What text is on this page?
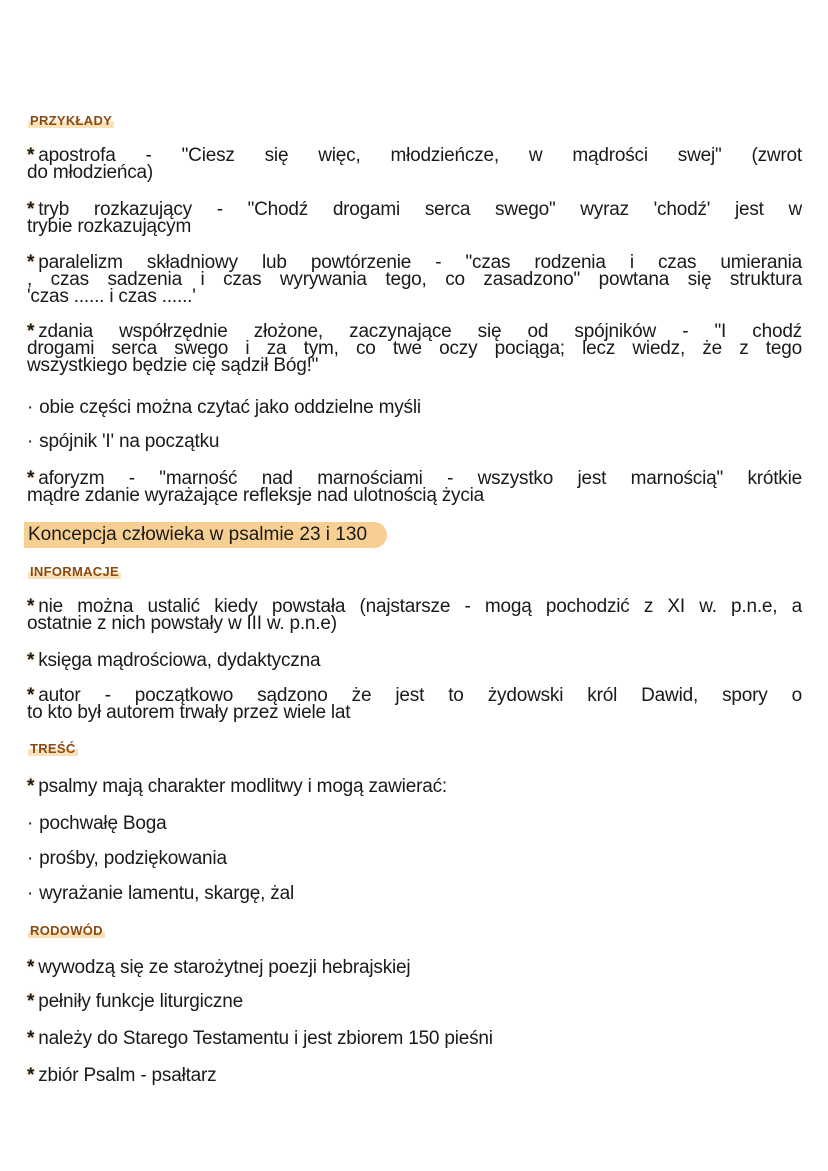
PRZYKŁADY
* apostrofa - "Ciesz się więc, młodzieńcze, w mądrości swej" (zwrot
do młodzieńca)
* tryb rozkazujący - "Chodź drogami serca swego" wyraz 'chodź' jest w
trybie rozkazującym
* paralelizm składniowy lub powtórzenie - "czas rodzenia i czas umierania
, czas sadzenia i czas wyrywania tego, co zasadzono" powtana się struktura
'czas ...... i czas ......'
* zdania współrzędnie złożone, zaczynające się od spójników - "I chodź
drogami serca swego i za tym, co twe oczy pociąga; lecz wiedz, że z tego
wszystkiego będzie cię sądził Bóg!"
· obie części można czytać jako oddzielne myśli
· spójnik 'I' na początku
* aforyzm - "marność nad marnościami - wszystko jest marnością" krótkie
mądre zdanie wyrażające refleksje nad ulotnością życia
Koncepcja człowieka w psalmie 23 i 130
INFORMACJE
* nie można ustalić kiedy powstała (najstarsze - mogą pochodzić z XI w. p.n.e, a
ostatnie z nich powstały w III w. p.n.e)
* księga mądrościowa, dydaktyczna
* autor - początkowo sądzono że jest to żydowski król Dawid, spory o
to kto był autorem trwały przez wiele lat
TREŚĆ
* psalmy mają charakter modlitwy i mogą zawierać:
· pochwałę Boga
· prośby, podziękowania
· wyrażanie lamentu, skargę, żal
RODOWÓD
* wywodzą się ze starożytnej poezji hebrajskiej
* pełniły funkcje liturgiczne
* należy do Starego Testamentu i jest zbiorem 150 pieśni
* zbiór Psalm - psałtarz
